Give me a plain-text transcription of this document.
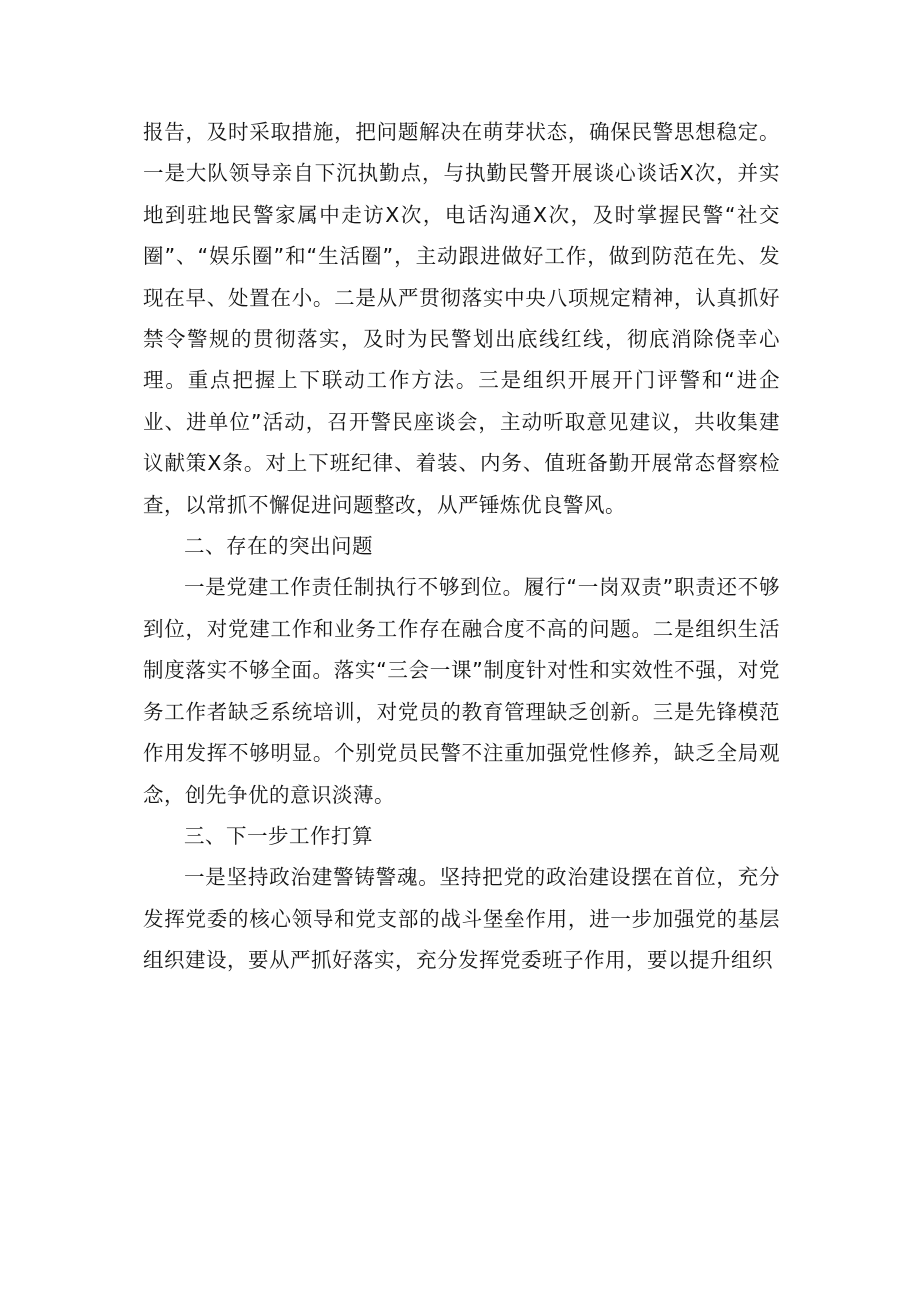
报告，及时采取措施，把问题解决在萌芽状态，确保民警思想稳定。一是大队领导亲自下沉执勤点，与执勤民警开展谈心谈话X次，并实地到驻地民警家属中走访X次，电话沟通X次，及时掌握民警“社交圈”、“娱乐圈”和“生活圈”，主动跟进做好工作，做到防范在先、发现在早、处置在小。二是从严贯彻落实中央八项规定精神，认真抓好禁令警规的贯彻落实，及时为民警划出底线红线，彻底消除侥幸心理。重点把握上下联动工作方法。三是组织开展开门评警和“进企业、进单位”活动，召开警民座谈会，主动听取意见建议，共收集建议献策X条。对上下班纪律、着装、内务、值班备勤开展常态督察检查，以常抓不懈促进问题整改，从严锤炼优良警风。

二、存在的突出问题

一是党建工作责任制执行不够到位。履行“一岗双责”职责还不够到位，对党建工作和业务工作存在融合度不高的问题。二是组织生活制度落实不够全面。落实“三会一课”制度针对性和实效性不强，对党务工作者缺乏系统培训，对党员的教育管理缺乏创新。三是先锋模范作用发挥不够明显。个别党员民警不注重加强党性修养，缺乏全局观念，创先争优的意识淡薄。

三、下一步工作打算

一是坚持政治建警铸警魂。坚持把党的政治建设摆在首位，充分发挥党委的核心领导和党支部的战斗堡垒作用，进一步加强党的基层组织建设，要从严抓好落实，充分发挥党委班子作用，要以提升组织
